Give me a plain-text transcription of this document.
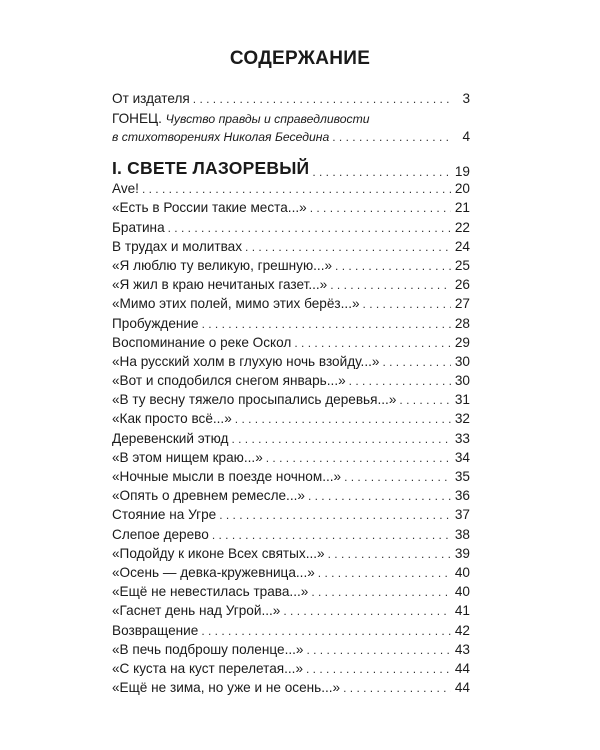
СОДЕРЖАНИЕ
От издателя . . .	3
ГОНЕЦ. Чувство правды и справедливости
в стихотворениях Николая Беседина . . .	4
I. СВЕТЕ ЛАЗОРЕВЫЙ . . .	19
Ave! . . .	20
«Есть в России такие места...» . . .	21
Братина . . .	22
В трудах и молитвах . . .	24
«Я люблю ту великую, грешную...» . . .	25
«Я жил в краю нечитаных газет...» . . .	26
«Мимо этих полей, мимо этих берёз...» . . .	27
Пробуждение . . .	28
Воспоминание о реке Оскол . . .	29
«На русский холм в глухую ночь взойду...» . . .	30
«Вот и сподобился снегом январь...» . . .	30
«В ту весну тяжело просыпались деревья...» . . .	31
«Как просто всё...» . . .	32
Деревенский этюд . . .	33
«В этом нищем краю...» . . .	34
«Ночные мысли в поезде ночном...» . . .	35
«Опять о древнем ремесле...» . . .	36
Стояние на Угре . . .	37
Слепое дерево . . .	38
«Подойду к иконе Всех святых...» . . .	39
«Осень — девка-кружевница...» . . .	40
«Ещё не невестилась трава...» . . .	40
«Гаснет день над Угрой...» . . .	41
Возвращение . . .	42
«В печь подброшу поленце...» . . .	43
«С куста на куст перелетая...» . . .	44
«Ещё не зима, но уже и не осень...» . . .	44
